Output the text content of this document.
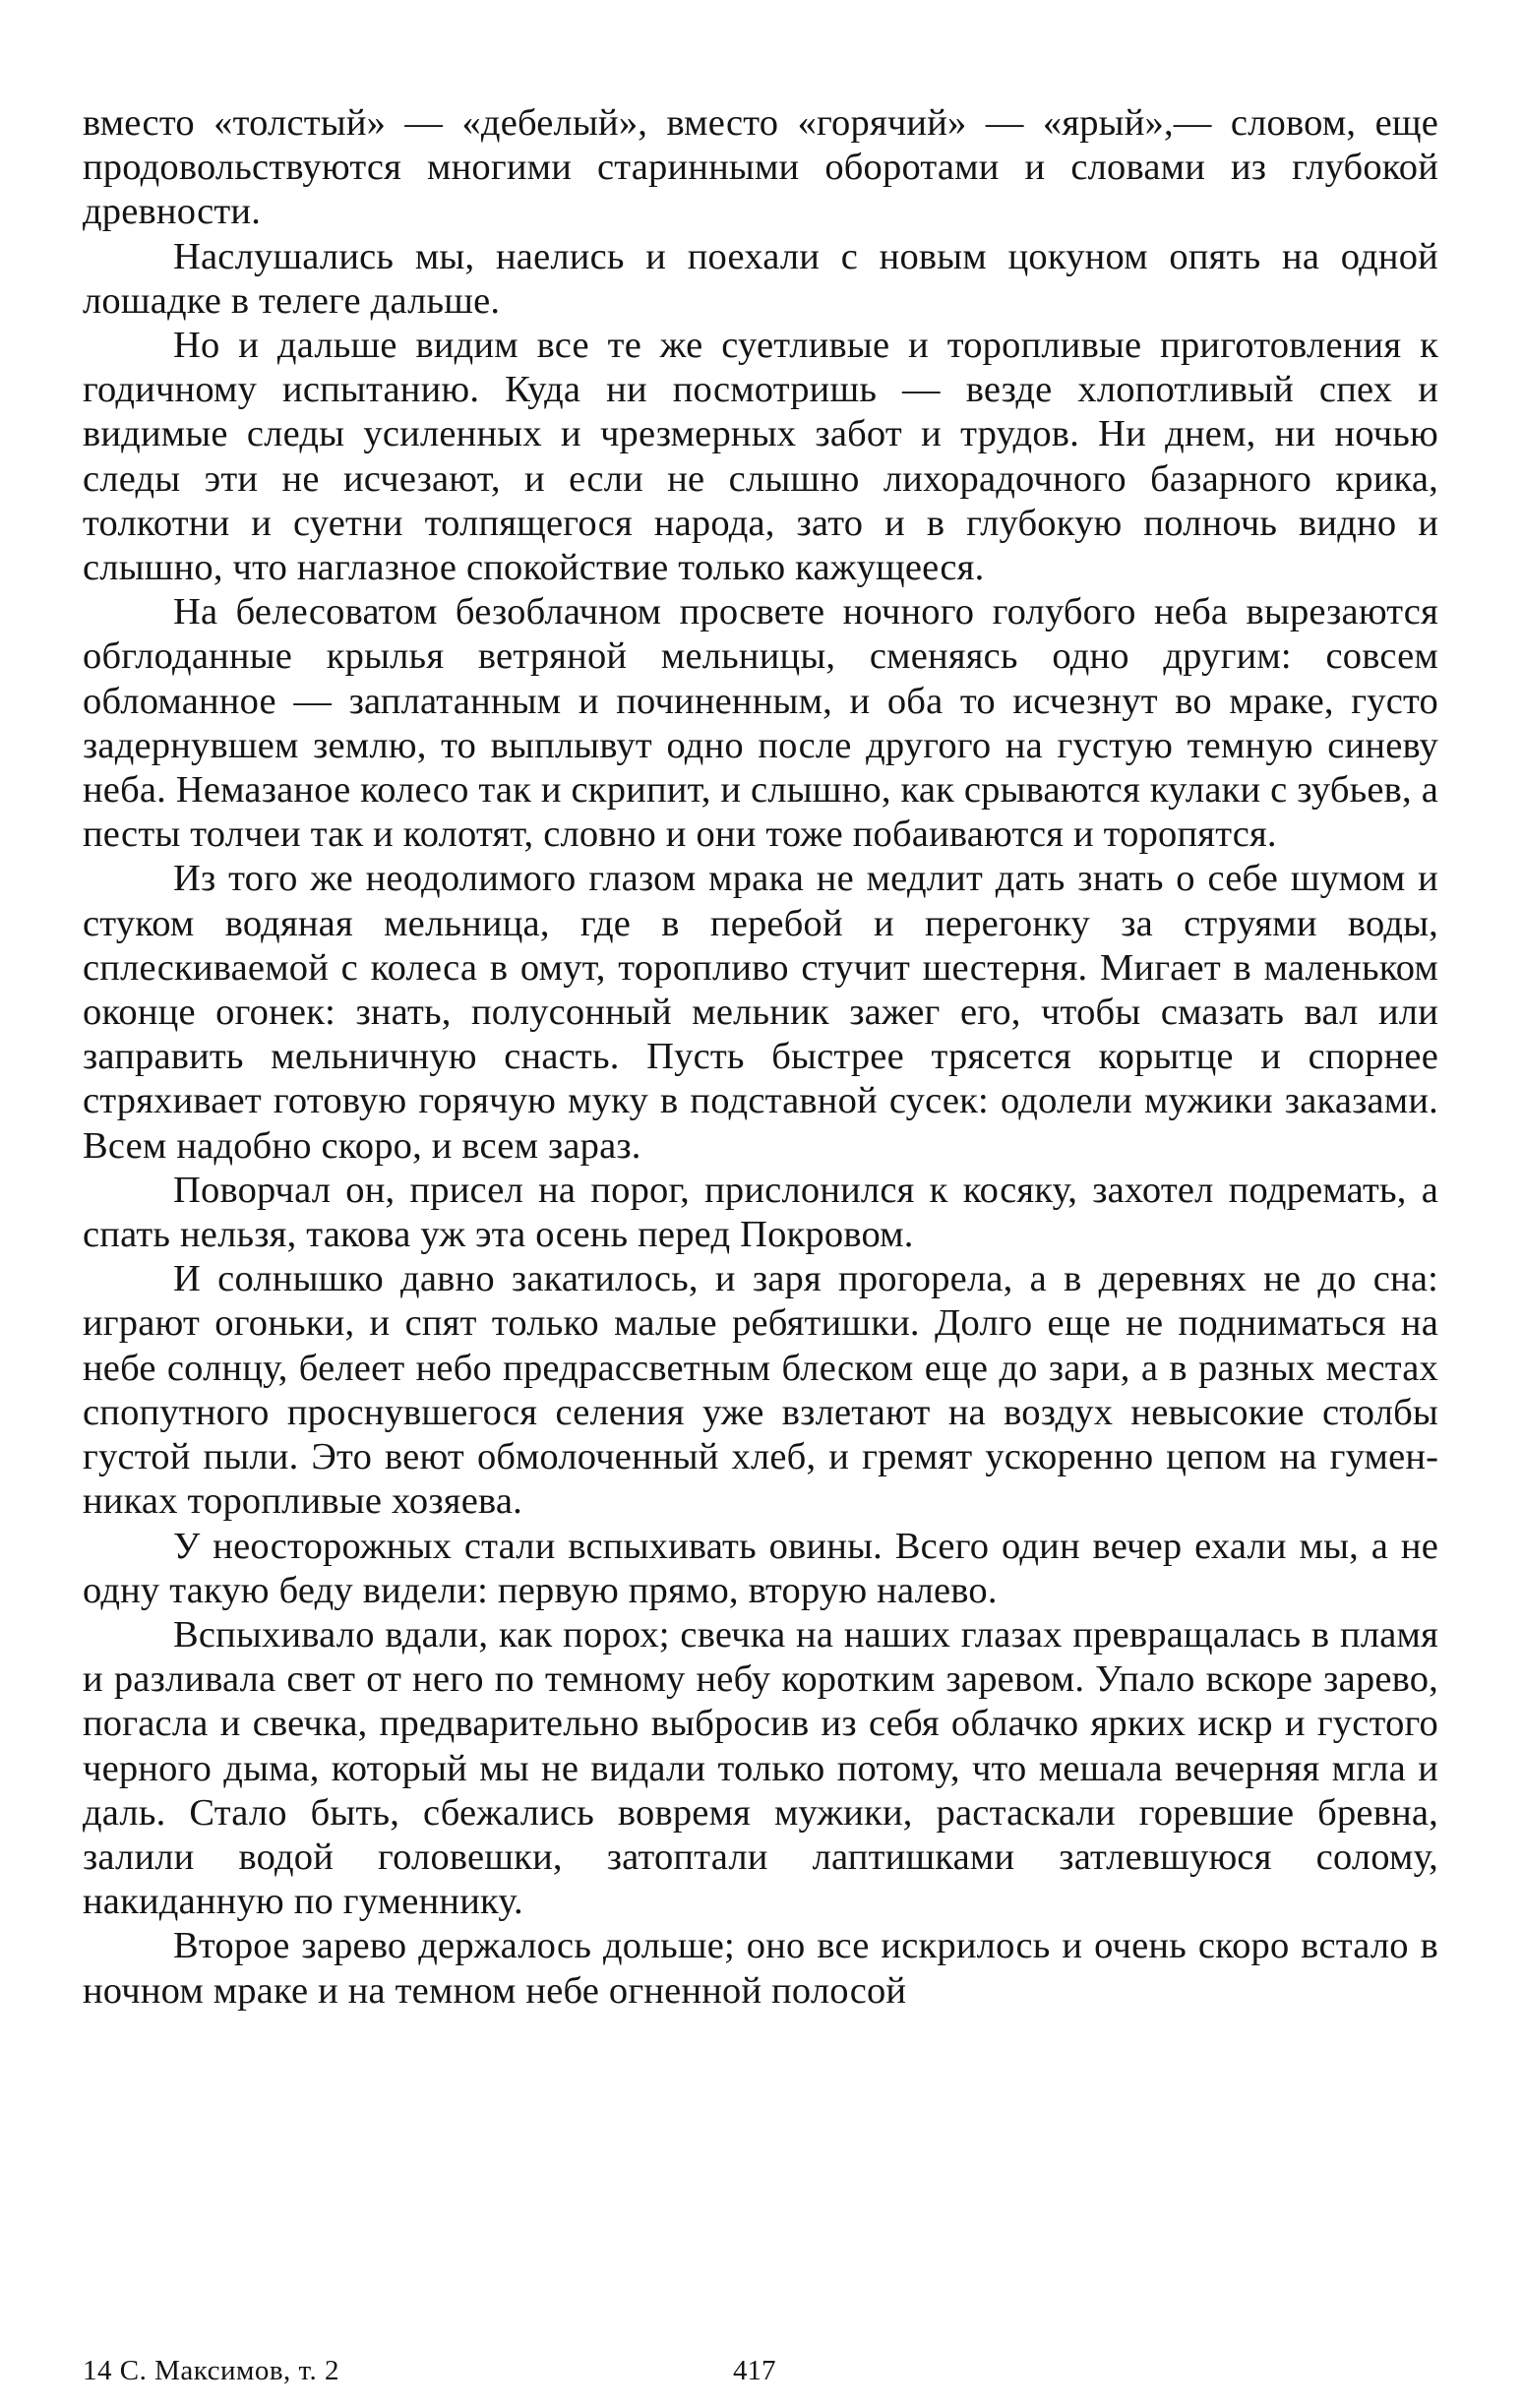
вместо «толстый» — «дебелый», вместо «горячий» — «ярый»,— словом, еще продовольствуются многими старинными оборотами и словами из глубокой древности.

Наслушались мы, наелись и поехали с новым цокуном опять на одной лошадке в телеге дальше.

Но и дальше видим все те же суетливые и торопливые приготовления к годичному испытанию. Куда ни посмотришь — везде хлопотливый спех и видимые следы усиленных и чрезмерных забот и трудов. Ни днем, ни ночью следы эти не исчезают, и если не слышно лихорадочного базарного крика, толкотни и суетни толпящегося народа, зато и в глубокую полночь видно и слышно, что наглазное спокойствие только кажущееся.

На белесоватом безоблачном просвете ночного голубого неба вырезаются обглоданные крылья ветряной мельницы, сменяясь одно другим: совсем обломанное — заплатанным и починенным, и оба то исчезнут во мраке, густо задернувшем землю, то выплывут одно после другого на густую темную синеву неба. Немазаное колесо так и скрипит, и слышно, как срываются кулаки с зубьев, а песты толчеи так и колотят, словно и они тоже побаиваются и торопятся.

Из того же неодолимого глазом мрака не медлит дать знать о себе шумом и стуком водяная мельница, где в перебой и перегонку за струями воды, сплескиваемой с колеса в омут, торопливо стучит шестерня. Мигает в маленьком оконце огонек: знать, полусонный мельник зажег его, чтобы смазать вал или заправить мельничную снасть. Пусть быстрее трясется корытце и спорнее стряхивает готовую горячую муку в подставной сусек: одолели мужики заказами. Всем надобно скоро, и всем зараз.

Поворчал он, присел на порог, прислонился к косяку, захотел подремать, а спать нельзя, такова уж эта осень перед Покровом.

И солнышко давно закатилось, и заря прогорела, а в деревнях не до сна: играют огоньки, и спят только малые ребятишки. Долго еще не подниматься на небе солнцу, белеет небо предрассветным блеском еще до зари, а в разных местах спопутного проснувшегося селения уже взлетают на воздух невысокие столбы густой пыли. Это веют обмолоченный хлеб, и гремят ускоренно цепом на гуменниках торопливые хозяева.

У неосторожных стали вспыхивать овины. Всего один вечер ехали мы, а не одну такую беду видели: первую прямо, вторую налево.

Вспыхивало вдали, как порох; свечка на наших глазах превращалась в пламя и разливала свет от него по темному небу коротким заревом. Упало вскоре зарево, погасла и свечка, предварительно выбросив из себя облачко ярких искр и густого черного дыма, который мы не видали только потому, что мешала вечерняя мгла и даль. Стало быть, сбежались вовремя мужики, растаскали горевшие бревна, залили водой головешки, затоптали лаптишками затлевшуюся солому, накиданную по гуменнику.

Второе зарево держалось дольше; оно все искрилось и очень скоро встало в ночном мраке и на темном небе огненной полосой

14 С. Максимов, т. 2	417
